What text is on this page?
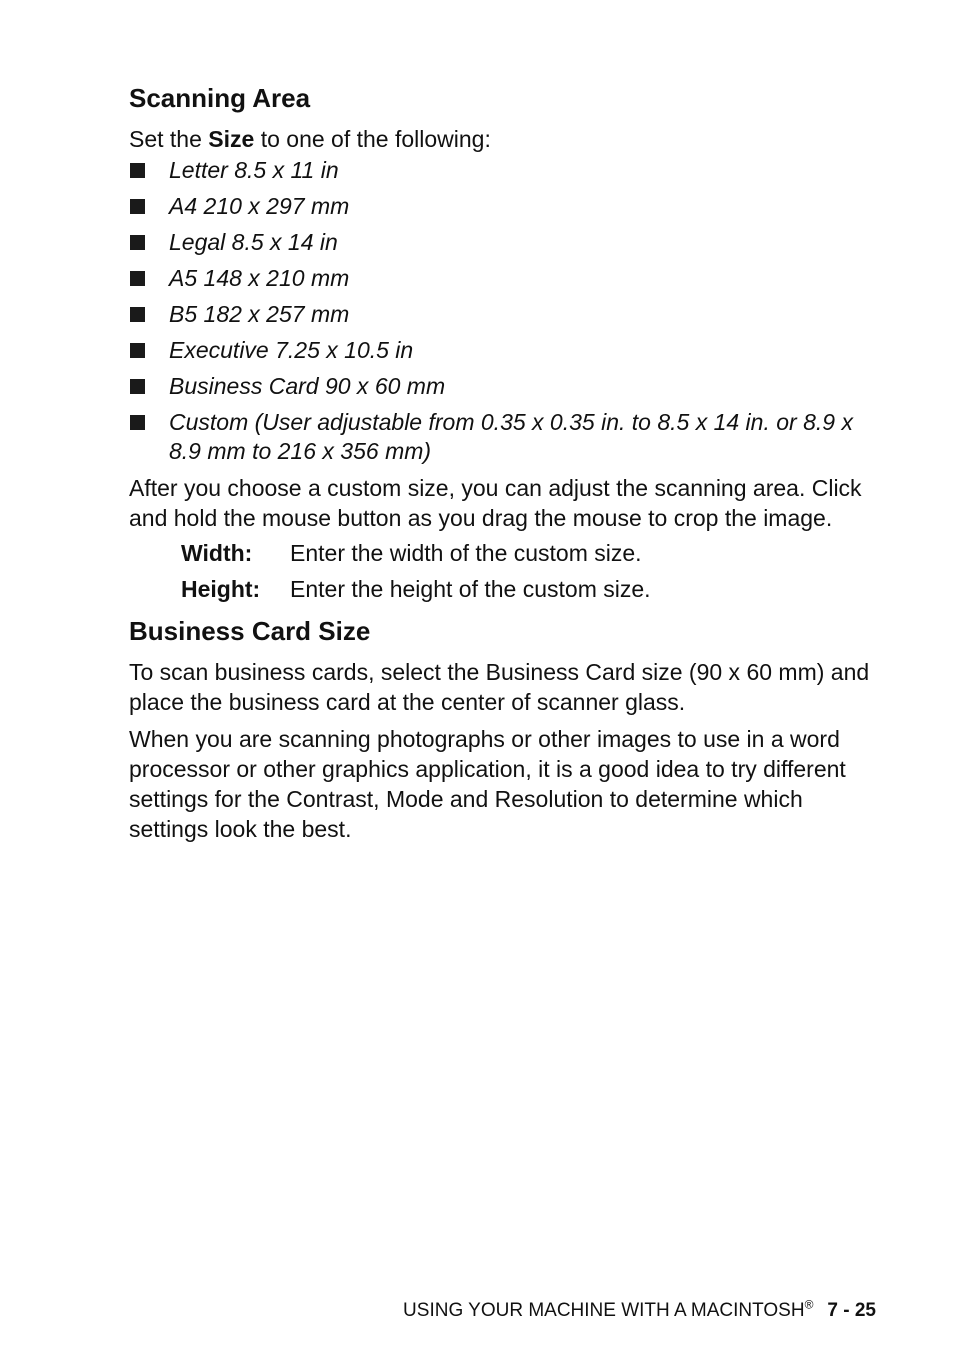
Scanning Area

Set the Size to one of the following:

Letter 8.5 x 11 in
A4 210 x 297 mm
Legal 8.5 x 14 in
A5 148 x 210 mm
B5 182 x 257 mm
Executive 7.25 x 10.5 in
Business Card 90 x 60 mm
Custom (User adjustable from 0.35 x 0.35 in. to 8.5 x 14 in. or 8.9 x 8.9 mm to 216 x 356 mm)

After you choose a custom size, you can adjust the scanning area. Click and hold the mouse button as you drag the mouse to crop the image.

Width:	Enter the width of the custom size.
Height:	Enter the height of the custom size.
Business Card Size

To scan business cards, select the Business Card size (90 x 60 mm) and place the business card at the center of scanner glass.

When you are scanning photographs or other images to use in a word processor or other graphics application, it is a good idea to try different settings for the Contrast, Mode and Resolution to determine which settings look the best.

USING YOUR MACHINE WITH A MACINTOSH® 7 - 25
